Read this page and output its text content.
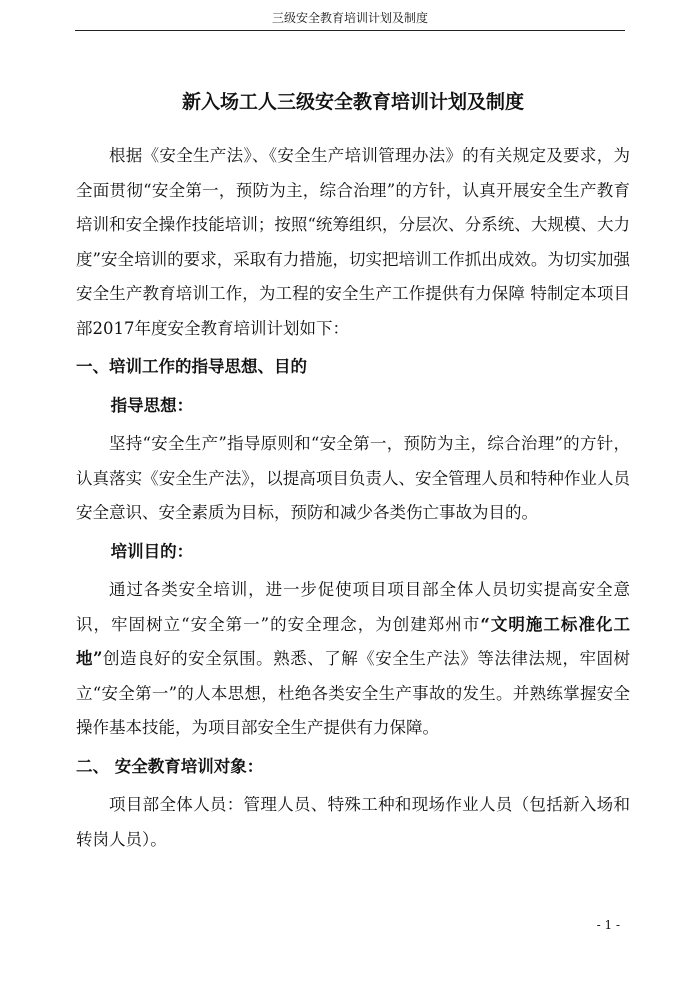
三级安全教育培训计划及制度
新入场工人三级安全教育培训计划及制度

根据《安全生产法》、《安全生产培训管理办法》的有关规定及要求，为全面贯彻“安全第一，预防为主，综合治理”的方针，认真开展安全生产教育培训和安全操作技能培训；按照“统筹组织，分层次、分系统、大规模、大力度”安全培训的要求，采取有力措施，切实把培训工作抓出成效。为切实加强安全生产教育培训工作，为工程的安全生产工作提供有力保障 特制定本项目部2017年度安全教育培训计划如下：

一、培训工作的指导思想、目的
指导思想：

坚持“安全生产”指导原则和“安全第一，预防为主，综合治理”的方针，认真落实《安全生产法》，以提高项目负责人、安全管理人员和特种作业人员安全意识、安全素质为目标，预防和减少各类伤亡事故为目的。

培训目的：

通过各类安全培训，进一步促使项目项目部全体人员切实提高安全意识，牢固树立“安全第一”的安全理念，为创建郑州市“文明施工标准化工地”创造良好的安全氛围。熟悉、了解《安全生产法》等法律法规，牢固树立“安全第一”的人本思想，杜绝各类安全生产事故的发生。并熟练掌握安全操作基本技能，为项目部安全生产提供有力保障。

二、 安全教育培训对象：

项目部全体人员：管理人员、特殊工种和现场作业人员（包括新入场和转岗人员）。

- 1 -
